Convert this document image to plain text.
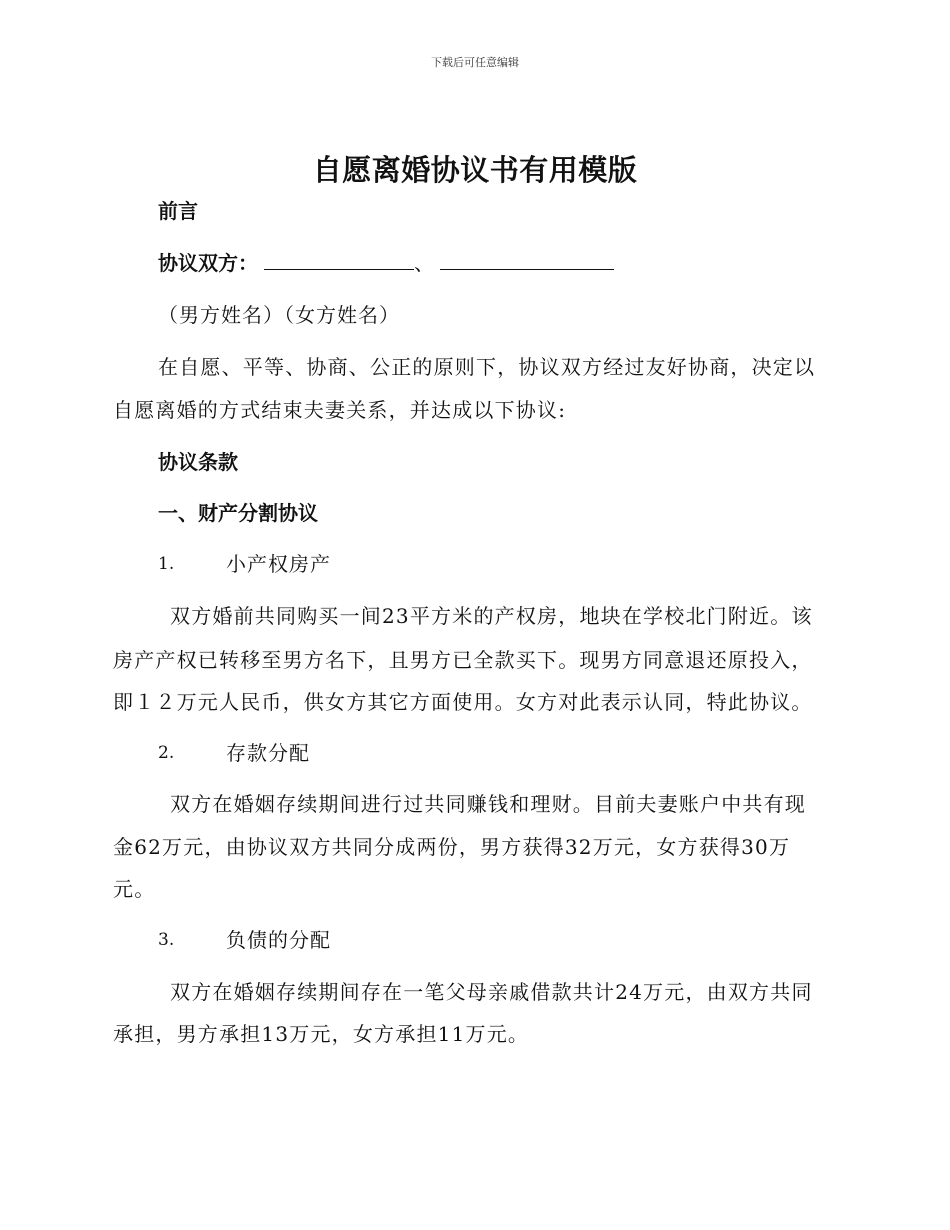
下载后可任意编辑
自愿离婚协议书有用模版
前言
协议双方：	、
（男方姓名）（女方姓名）
在自愿、平等、协商、公正的原则下，协议双方经过友好协商，决定以
自愿离婚的方式结束夫妻关系，并达成以下协议:
协议条款
一、财产分割协议
1.	小产权房产
双方婚前共同购买一间23平方米的产权房，地块在学校北门附近。该
房产产权已转移至男方名下，且男方已全款买下。现男方同意退还原投入，
即１２万元人民币，供女方其它方面使用。女方对此表示认同，特此协议。
2.	存款分配
双方在婚姻存续期间进行过共同赚钱和理财。目前夫妻账户中共有现
金62万元，由协议双方共同分成两份，男方获得32万元，女方获得30万
元。
3.	负债的分配
双方在婚姻存续期间存在一笔父母亲戚借款共计24万元，由双方共同
承担，男方承担13万元，女方承担11万元。
